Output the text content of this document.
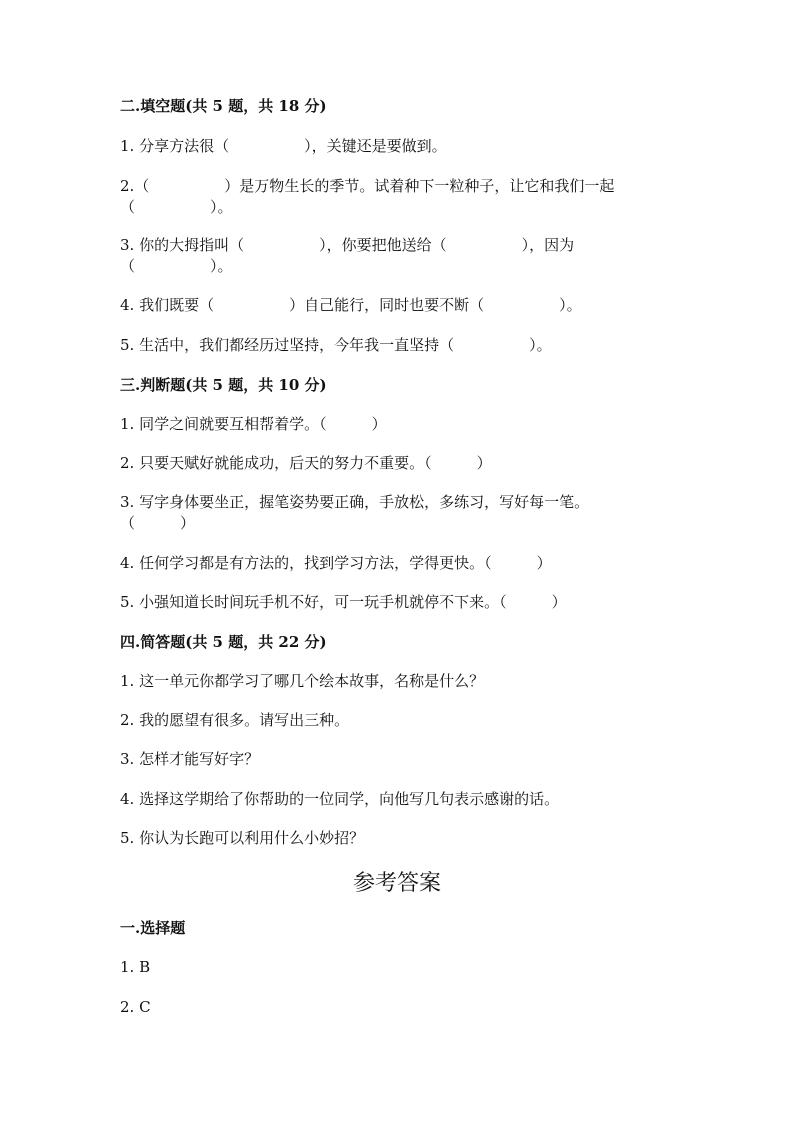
二.填空题(共 5 题，共 18 分)

1. 分享方法很（　　　　　），关键还是要做到。

2.（　　　　　）是万物生长的季节。试着种下一粒种子，让它和我们一起

（　　　　　）。

3. 你的大拇指叫（　　　　　），你要把他送给（　　　　　），因为

（　　　　　）。

4. 我们既要（　　　　　）自己能行，同时也要不断（　　　　　）。

5. 生活中，我们都经历过坚持，今年我一直坚持（　　　　　）。

三.判断题(共 5 题，共 10 分)

1. 同学之间就要互相帮着学。（　　　）

2. 只要天赋好就能成功，后天的努力不重要。（　　　）

3. 写字身体要坐正，握笔姿势要正确，手放松，多练习，写好每一笔。

（　　　）

4. 任何学习都是有方法的，找到学习方法，学得更快。（　　　）

5. 小强知道长时间玩手机不好，可一玩手机就停不下来。（　　　）

四.简答题(共 5 题，共 22 分)

1. 这一单元你都学习了哪几个绘本故事，名称是什么？

2. 我的愿望有很多。请写出三种。

3. 怎样才能写好字？

4. 选择这学期给了你帮助的一位同学，向他写几句表示感谢的话。

5. 你认为长跑可以利用什么小妙招？

参考答案

一.选择题

1. B

2. C
